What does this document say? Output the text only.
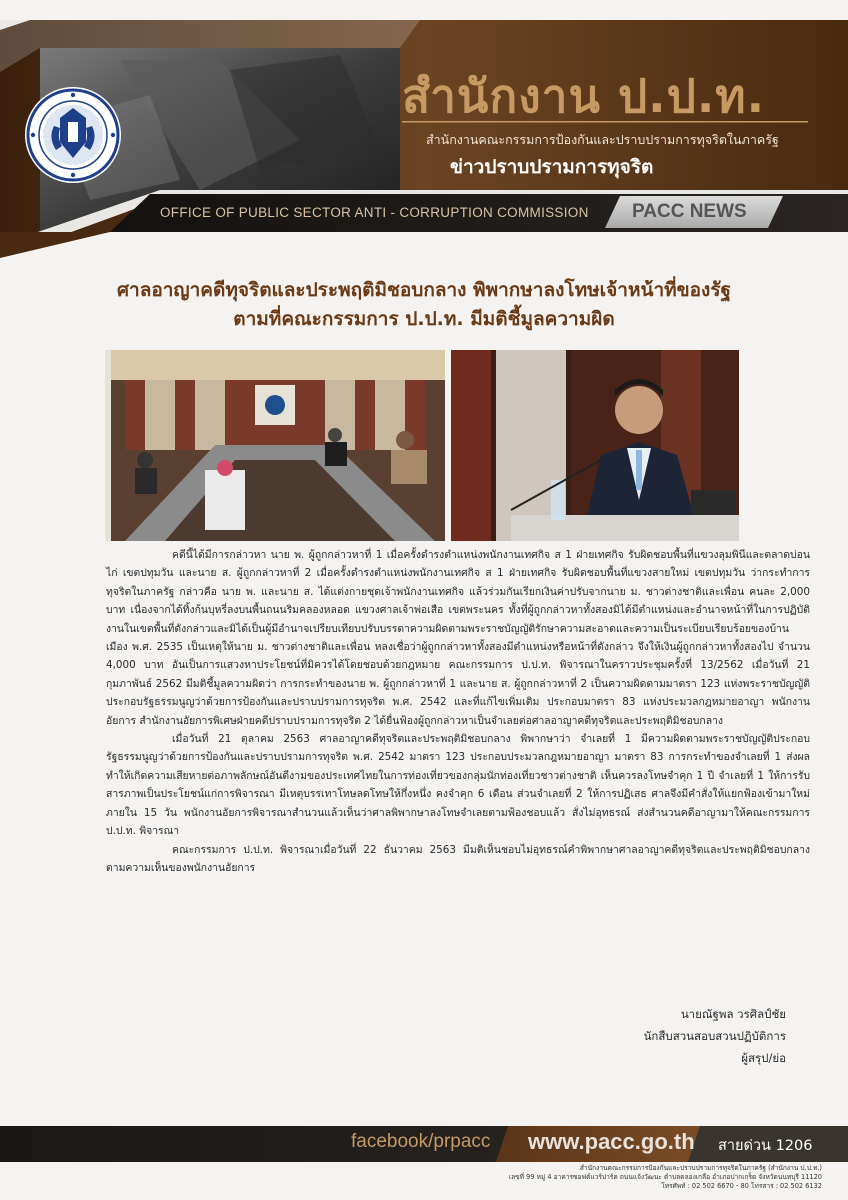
สำนักงาน ป.ป.ท.
สำนักงานคณะกรรมการป้องกันและปราบปรามการทุจริตในภาครัฐ
ข่าวปราบปรามการทุจริต
OFFICE OF PUBLIC SECTOR ANTI - CORRUPTION COMMISSION PACC NEWS
ศาลอาญาคดีทุจริตและประพฤติมิชอบกลาง พิพากษาลงโทษเจ้าหน้าที่ของรัฐ
ตามที่คณะกรรมการ ป.ป.ท. มีมติชี้มูลความผิด

คดีนี้ได้มีการกล่าวหา นาย พ. ผู้ถูกกล่าวหาที่ 1 เมื่อครั้งดำรงตำแหน่งพนักงานเทศกิจ ส 1 ฝ่ายเทศกิจ รับผิดชอบพื้นที่แขวงลุมพินีและตลาดบ่อนไก่ เขตปทุมวัน และนาย ส. ผู้ถูกกล่าวหาที่ 2 เมื่อครั้งดำรงตำแหน่งพนักงานเทศกิจ ส 1 ฝ่ายเทศกิจ รับผิดชอบพื้นที่แขวงสายใหม่ เขตปทุมวัน ว่ากระทำการทุจริตในภาครัฐ กล่าวคือ นาย พ. และนาย ส. ได้แต่งกายชุดเจ้าพนักงานเทศกิจ แล้วร่วมกันเรียกเงินค่าปรับจากนาย ม. ชาวต่างชาติและเพื่อน คนละ 2,000 บาท เนื่องจากได้ทิ้งก้นบุหรี่ลงบนพื้นถนนริมคลองหลอด แขวงศาลเจ้าพ่อเสือ เขตพระนคร ทั้งที่ผู้ถูกกล่าวหาทั้งสองมิได้มีตำแหน่งและอำนาจหน้าที่ในการปฏิบัติงานในเขตพื้นที่ดังกล่าวและมิได้เป็นผู้มีอำนาจเปรียบเทียบปรับบรรดาความผิดตามพระราชบัญญัติรักษาความสะอาดและความเป็นระเบียบเรียบร้อยของบ้านเมือง พ.ศ. 2535 เป็นเหตุให้นาย ม. ชาวต่างชาติและเพื่อน หลงเชื่อว่าผู้ถูกกล่าวหาทั้งสองมีตำแหน่งหรือหน้าที่ดังกล่าว จึงให้เงินผู้ถูกกล่าวหาทั้งสองไป จำนวน 4,000 บาท อันเป็นการแสวงหาประโยชน์ที่มิควรได้โดยชอบด้วยกฎหมาย คณะกรรมการ ป.ป.ท. พิจารณาในคราวประชุมครั้งที่ 13/2562 เมื่อวันที่ 21 กุมภาพันธ์ 2562 มีมติชี้มูลความผิดว่า การกระทำของนาย พ. ผู้ถูกกล่าวหาที่ 1 และนาย ส. ผู้ถูกกล่าวหาที่ 2 เป็นความผิดตามมาตรา 123 แห่งพระราชบัญญัติประกอบรัฐธรรมนูญว่าด้วยการป้องกันและปราบปรามการทุจริต พ.ศ. 2542 และที่แก้ไขเพิ่มเติม ประกอบมาตรา 83 แห่งประมวลกฎหมายอาญา พนักงานอัยการ สำนักงานอัยการพิเศษฝ่ายคดีปราบปรามการทุจริต 2 ได้ยื่นฟ้องผู้ถูกกล่าวหาเป็นจำเลยต่อศาลอาญาคดีทุจริตและประพฤติมิชอบกลาง

เมื่อวันที่ 21 ตุลาคม 2563 ศาลอาญาคดีทุจริตและประพฤติมิชอบกลาง พิพากษาว่า จำเลยที่ 1 มีความผิดตามพระราชบัญญัติประกอบรัฐธรรมนูญว่าด้วยการป้องกันและปราบปรามการทุจริต พ.ศ. 2542 มาตรา 123 ประกอบประมวลกฎหมายอาญา มาตรา 83 การกระทำของจำเลยที่ 1 ส่งผลทำให้เกิดความเสียหายต่อภาพลักษณ์อันดีงามของประเทศไทยในการท่องเที่ยวของกลุ่มนักท่องเที่ยวชาวต่างชาติ เห็นควรลงโทษจำคุก 1 ปี จำเลยที่ 1 ให้การรับสารภาพเป็นประโยชน์แก่การพิจารณา มีเหตุบรรเทาโทษลดโทษให้กึ่งหนึ่ง คงจำคุก 6 เดือน ส่วนจำเลยที่ 2 ให้การปฏิเสธ ศาลจึงมีคำสั่งให้แยกฟ้องเข้ามาใหม่ภายใน 15 วัน พนักงานอัยการพิจารณาสำนวนแล้วเห็นว่าศาลพิพากษาลงโทษจำเลยตามฟ้องชอบแล้ว สั่งไม่อุทธรณ์ ส่งสำนวนคดีอาญามาให้คณะกรรมการ ป.ป.ท. พิจารณา

คณะกรรมการ ป.ป.ท. พิจารณาเมื่อวันที่ 22 ธันวาคม 2563 มีมติเห็นชอบไม่อุทธรณ์คำพิพากษาศาลอาญาคดีทุจริตและประพฤติมิชอบกลาง ตามความเห็นของพนักงานอัยการ

นายณัฐพล วรศิลป์ชัย
นักสืบสวนสอบสวนปฏิบัติการ
ผู้สรุป/ย่อ
facebook/prpacc www.pacc.go.th สายด่วน 1206
สำนักงานคณะกรรมการป้องกันและปราบปรามการทุจริตในภาครัฐ (สำนักงาน ป.ป.ท.)
เลขที่ 99 หมู่ 4 อาคารซอฟต์แวร์ปาร์ค ถนนแจ้งวัฒนะ ตำบลคลองเกลือ อำเภอปากเกร็ด จังหวัดนนทบุรี 11120
โทรศัพท์ : 02 502 6670 - 80 โทรสาร : 02 502 6132
